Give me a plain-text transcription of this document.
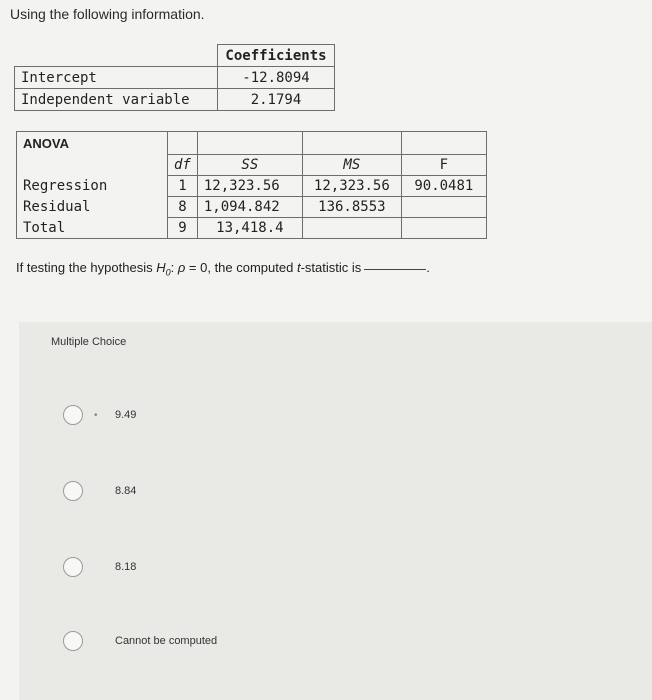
Using the following information.
	Coefficients
Intercept	-12.8094
Independent variable	2.1794
ANOVA				
	df	SS	MS	F
Regression	1	12,323.56	12,323.56	90.0481
Residual	8	1,094.842	136.8553	
Total	9	13,418.4		
If testing the hypothesis $H_0$: ρ = 0, the computed t-statistic is	.
Multiple Choice
• 9.49
8.84
8.18
Cannot be computed
